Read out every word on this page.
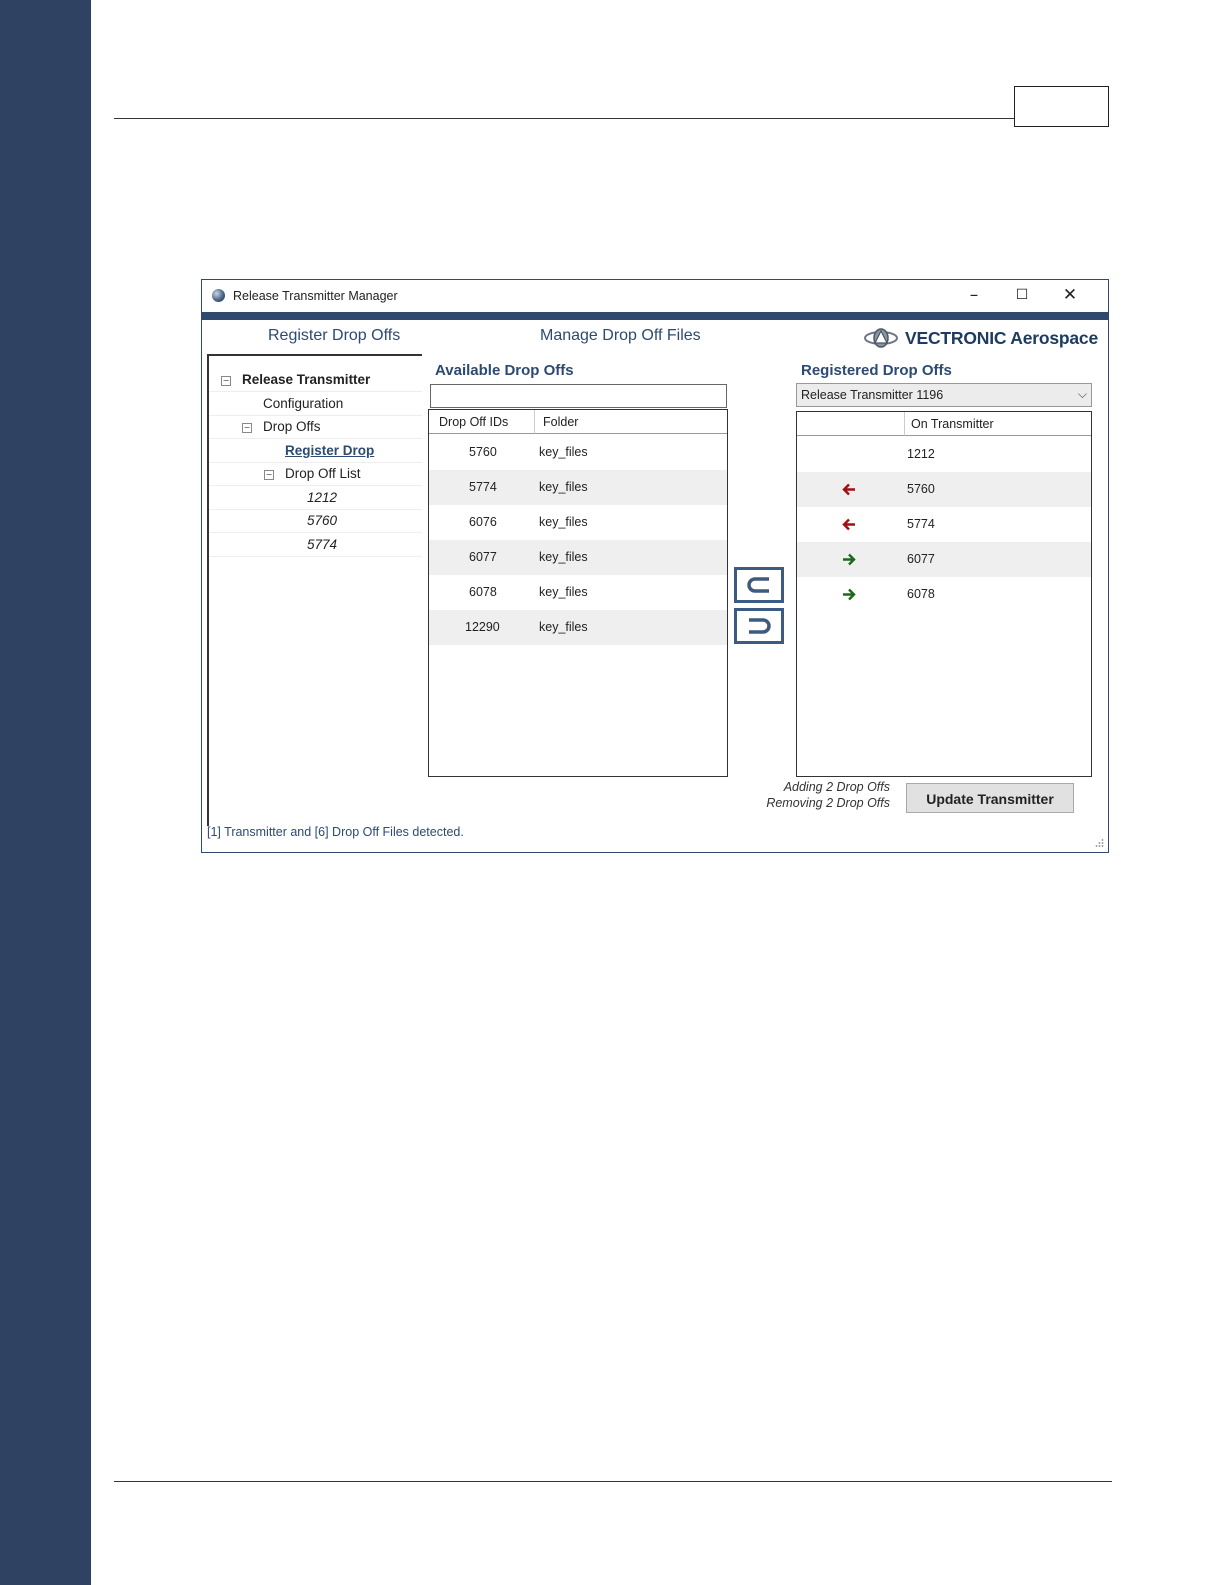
Release Transmitter Manager	–	☐	✕
Register Drop Offs	Manage Drop Off Files	VECTRONIC Aerospace
− Release Transmitter
Configuration
− Drop Offs
Register Drop
− Drop Off List
1212
5760
5774
Available Drop Offs
Drop Off IDs	Folder
5760	key_files
5774	key_files
6076	key_files
6077	key_files
6078	key_files
12290	key_files
Registered Drop Offs
Release Transmitter 1196	⌵
On Transmitter
1212
5760
5774
6077
6078
Adding 2 Drop Offs
Removing 2 Drop Offs	Update Transmitter
[1] Transmitter and [6] Drop Off Files detected.
